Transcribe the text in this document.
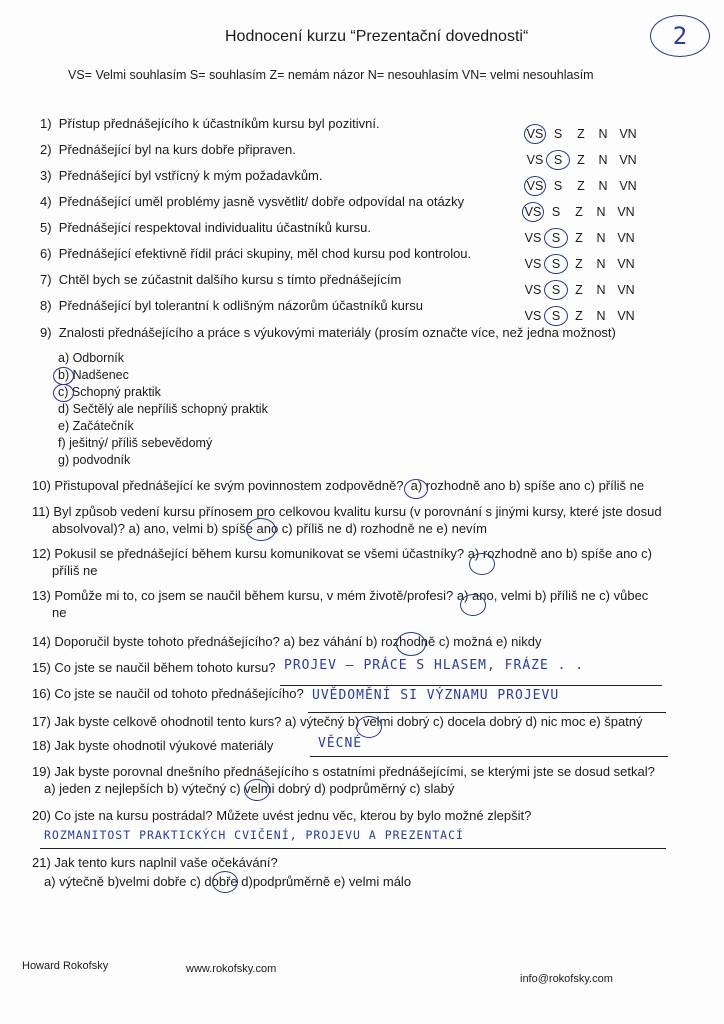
Hodnocení kurzu “Prezentační dovednosti“	2
VS= Velmi souhlasím S= souhlasím Z= nemám názor N= nesouhlasím VN= velmi nesouhlasím
1) Přístup přednášejícího k účastníkům kursu byl pozitivní.
2) Přednášející byl na kurs dobře připraven.
3) Přednášející byl vstřícný k mým požadavkům.
4) Přednášející uměl problémy jasně vysvětlit/ dobře odpovídal na otázky
5) Přednášející respektoval individualitu účastníků kursu.
6) Přednášející efektivně řídil práci skupiny, měl chod kursu pod kontrolou.
7) Chtěl bych se zúčastnit dalšího kursu s tímto přednášejícím
8) Přednášející byl tolerantní k odlišným názorům účastníků kursu
VS S Z N VN
VS S Z N VN
VS S Z N VN
VS S Z N VN
VS S Z N VN
VS S Z N VN
VS S Z N VN
VS S Z N VN
9) Znalosti přednášejícího a práce s výukovými materiály (prosím označte více, než jedna možnost)
a) Odborník
b) Nadšenec
c) Schopný praktik
d) Sečtělý ale nepříliš schopný praktik
e) Začátečník
f) ješitný/ příliš sebevědomý
g) podvodník
10) Přistupoval přednášející ke svým povinnostem zodpovědně? a) rozhodně ano b) spíše ano c) příliš ne
11) Byl způsob vedení kursu přínosem pro celkovou kvalitu kursu (v porovnání s jinými kursy, které jste dosud
absolvoval)? a) ano, velmi b) spíše ano c) příliš ne d) rozhodně ne e) nevím
12) Pokusil se přednášející během kursu komunikovat se všemi účastníky? a) rozhodně ano b) spíše ano c)
příliš ne
13) Pomůže mi to, co jsem se naučil během kursu, v mém životě/profesi? a) ano, velmi b) příliš ne c) vůbec
ne
14) Doporučil byste tohoto přednášejícího? a) bez váhání b) rozhodně c) možná e) nikdy
15) Co jste se naučil během tohoto kursu? PROJEV – PRÁCE S HLASEM, FRÁZE . .
16) Co jste se naučil od tohoto přednášejícího? UVĚDOMĚNÍ SI VÝZNAMU PROJEVU
17) Jak byste celkově ohodnotil tento kurs? a) výtečný b) velmi dobrý c) docela dobrý d) nic moc e) špatný
18) Jak byste ohodnotil výukové materiály	VĚCNÉ
19) Jak byste porovnal dnešního přednášejícího s ostatními přednášejícími, se kterými jste se dosud setkal?
a) jeden z nejlepších b) výtečný c) velmi dobrý d) podprůměrný c) slabý
20) Co jste na kursu postrádal? Můžete uvést jednu věc, kterou by bylo možné zlepšit?
ROZMANITOST PRAKTICKÝCH CVIČENÍ, PROJEVU A PREZENTACÍ
21) Jak tento kurs naplnil vaše očekávání?
a) výtečně b)velmi dobře c) dobře d)podprůměrně e) velmi málo
Howard Rokofsky	www.rokofsky.com
info@rokofsky.com
